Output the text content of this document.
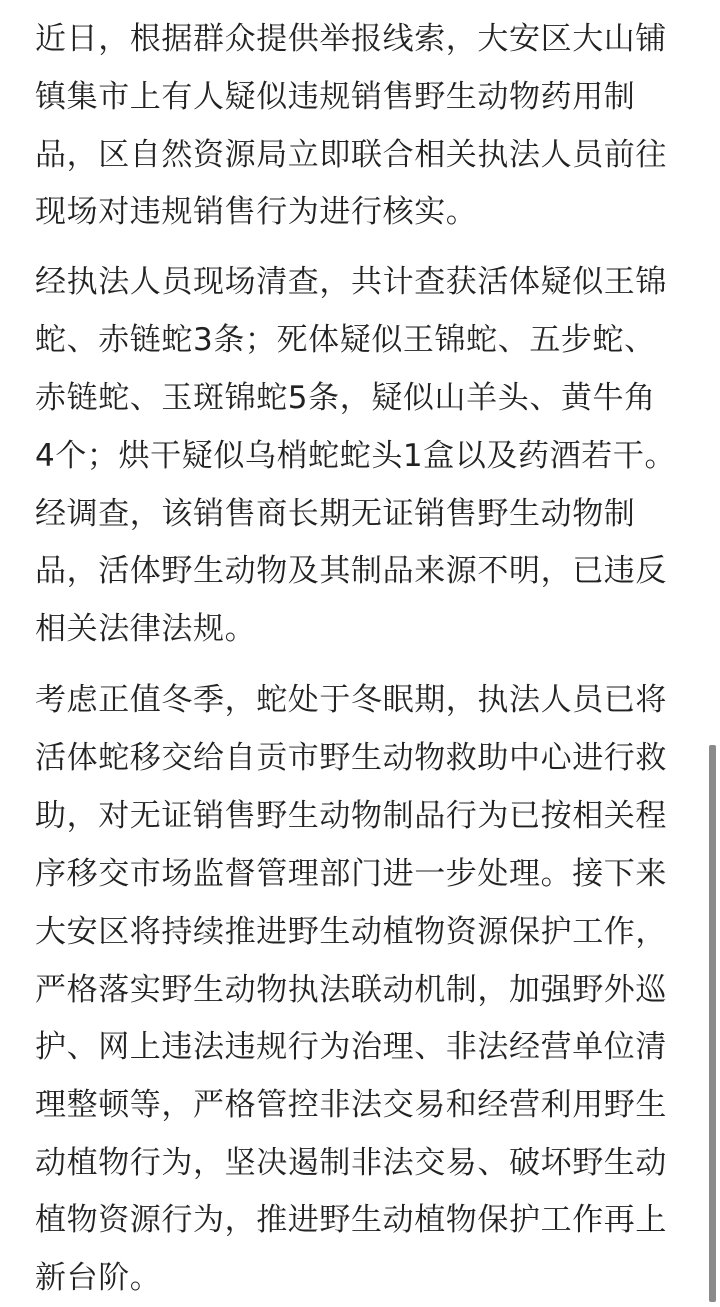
近日，根据群众提供举报线索，大安区大山铺
镇集市上有人疑似违规销售野生动物药用制
品，区自然资源局立即联合相关执法人员前往
现场对违规销售行为进行核实。
经执法人员现场清查，共计查获活体疑似王锦
蛇、赤链蛇3条；死体疑似王锦蛇、五步蛇、
赤链蛇、玉斑锦蛇5条，疑似山羊头、黄牛角
4个；烘干疑似乌梢蛇蛇头1盒以及药酒若干。
经调查，该销售商长期无证销售野生动物制
品，活体野生动物及其制品来源不明，已违反
相关法律法规。
考虑正值冬季，蛇处于冬眠期，执法人员已将
活体蛇移交给自贡市野生动物救助中心进行救
助，对无证销售野生动物制品行为已按相关程
序移交市场监督管理部门进一步处理。接下来
大安区将持续推进野生动植物资源保护工作，
严格落实野生动物执法联动机制，加强野外巡
护、网上违法违规行为治理、非法经营单位清
理整顿等，严格管控非法交易和经营利用野生
动植物行为，坚决遏制非法交易、破坏野生动
植物资源行为，推进野生动植物保护工作再上
新台阶。
